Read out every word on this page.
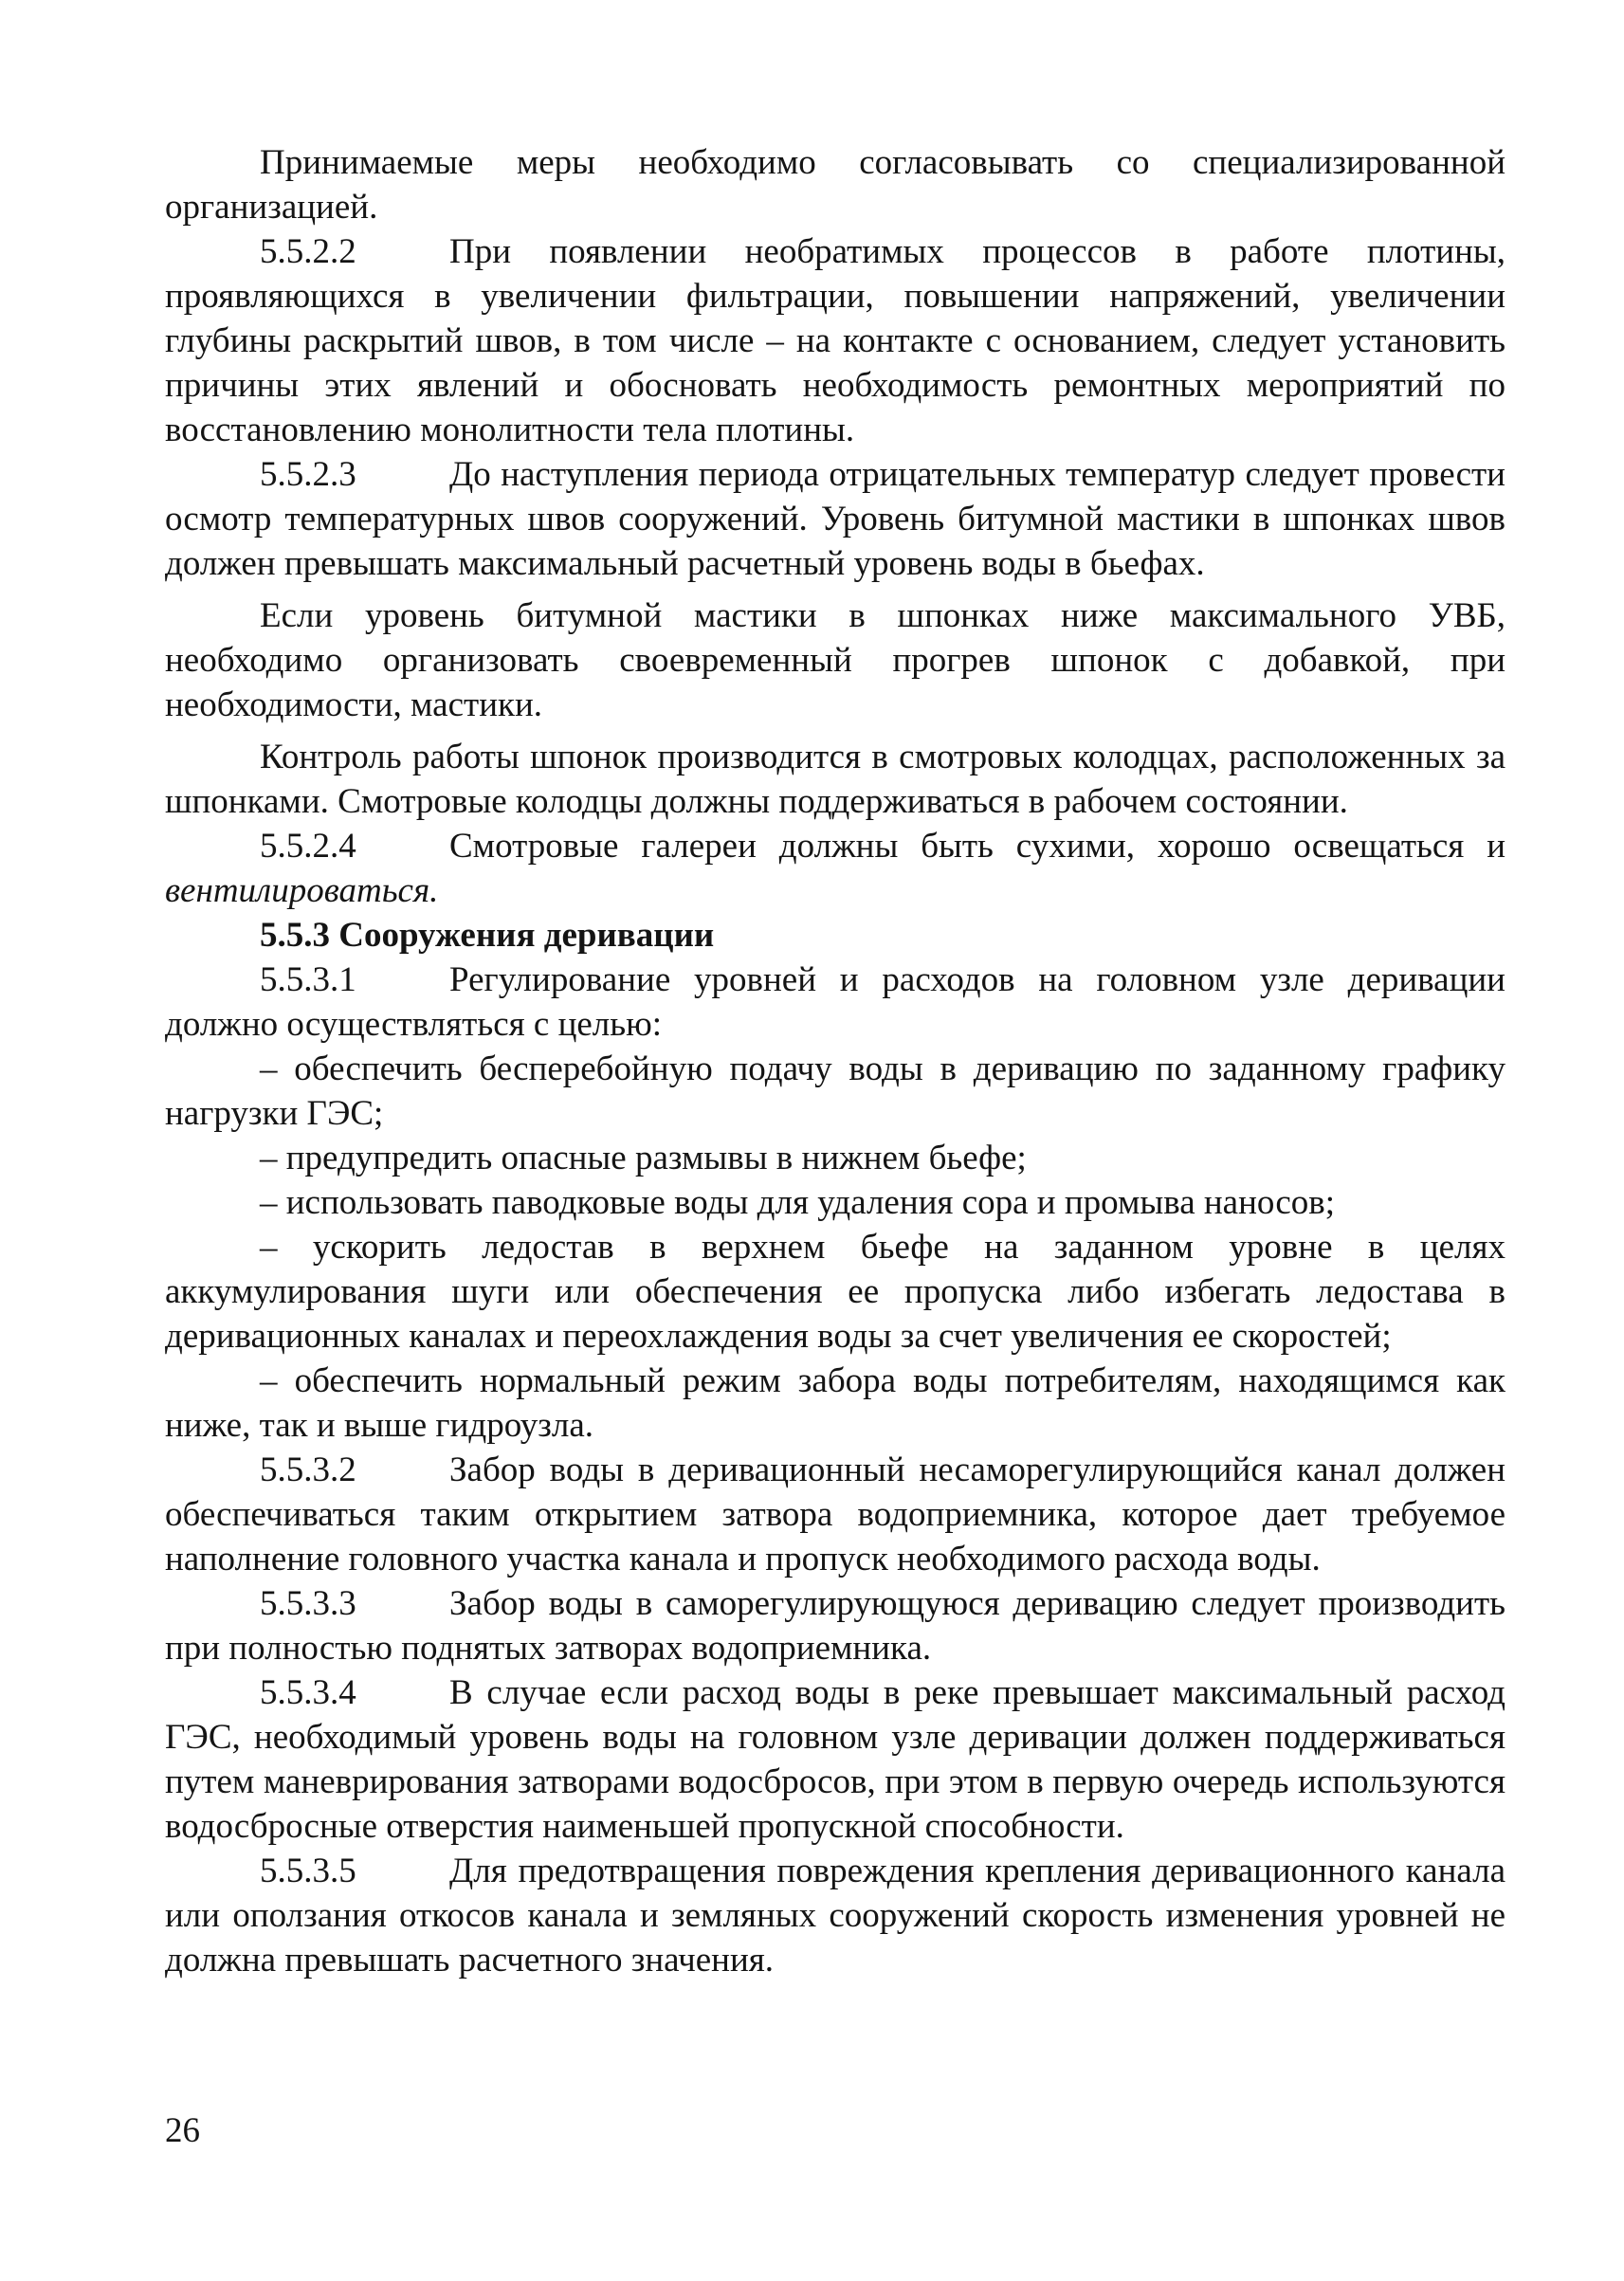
Принимаемые меры необходимо согласовывать со специализированной организацией.

5.5.2.2	При появлении необратимых процессов в работе плотины, проявляющихся в увеличении фильтрации, повышении напряжений, увеличении глубины раскрытий швов, в том числе – на контакте с основанием, следует установить причины этих явлений и обосновать необходимость ремонтных мероприятий по восстановлению монолитности тела плотины.

5.5.2.3	До наступления периода отрицательных температур следует провести осмотр температурных швов сооружений. Уровень битумной мастики в шпонках швов должен превышать максимальный расчетный уровень воды в бьефах.

Если уровень битумной мастики в шпонках ниже максимального УВБ, необходимо организовать своевременный прогрев шпонок с добавкой, при необходимости, мастики.

Контроль работы шпонок производится в смотровых колодцах, расположенных за шпонками. Смотровые колодцы должны поддерживаться в рабочем состоянии.

5.5.2.4	Смотровые галереи должны быть сухими, хорошо освещаться и вентилироваться.

5.5.3 Сооружения деривации

5.5.3.1	Регулирование уровней и расходов на головном узле деривации должно осуществляться с целью:

– обеспечить бесперебойную подачу воды в деривацию по заданному графику нагрузки ГЭС;

– предупредить опасные размывы в нижнем бьефе;

– использовать паводковые воды для удаления сора и промыва наносов;

– ускорить ледостав в верхнем бьефе на заданном уровне в целях аккумулирования шуги или обеспечения ее пропуска либо избегать ледостава в деривационных каналах и переохлаждения воды за счет увеличения ее скоростей;

– обеспечить нормальный режим забора воды потребителям, находящимся как ниже, так и выше гидроузла.

5.5.3.2	Забор воды в деривационный несаморегулирующийся канал должен обеспечиваться таким открытием затвора водоприемника, которое дает требуемое наполнение головного участка канала и пропуск необходимого расхода воды.

5.5.3.3	Забор воды в саморегулирующуюся деривацию следует производить при полностью поднятых затворах водоприемника.

5.5.3.4	В случае если расход воды в реке превышает максимальный расход ГЭС, необходимый уровень воды на головном узле деривации должен поддерживаться путем маневрирования затворами водосбросов, при этом в первую очередь используются водосбросные отверстия наименьшей пропускной способности.

5.5.3.5	Для предотвращения повреждения крепления деривационного канала или оползания откосов канала и земляных сооружений скорость изменения уровней не должна превышать расчетного значения.

26
